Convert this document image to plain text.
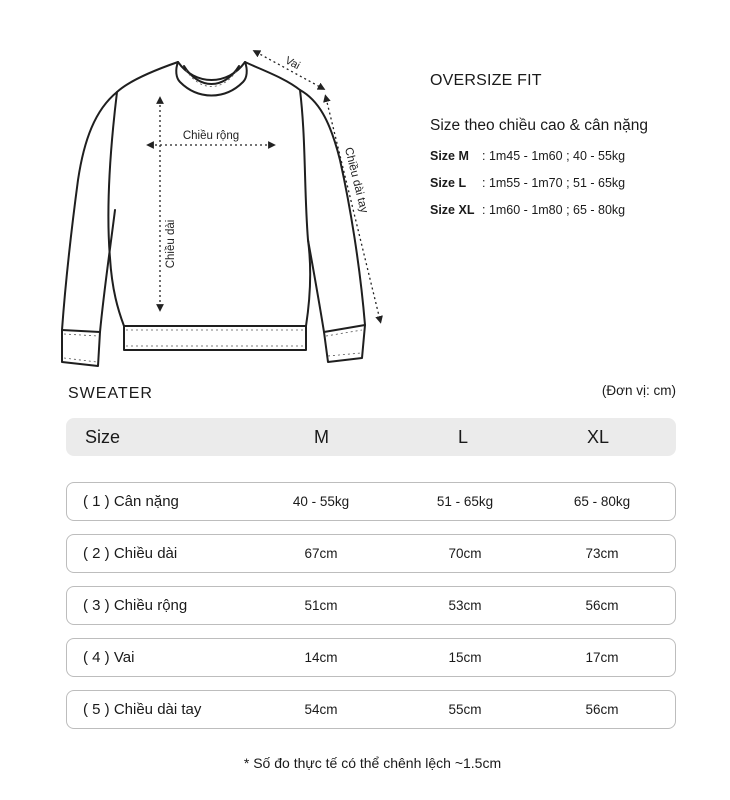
Vai
Chiều rộng
Chiều dài
Chiều dài tay
OVERSIZE FIT
Size theo chiều cao & cân nặng
Size M : 1m45 - 1m60 ; 40 - 55kg
Size L : 1m55 - 1m70 ; 51 - 65kg
Size XL : 1m60 - 1m80 ; 65 - 80kg
SWEATER	(Đơn vị: cm)
Size	M	L	XL
( 1 ) Cân nặng	40 - 55kg	51 - 65kg	65 - 80kg
( 2 ) Chiều dài	67cm	70cm	73cm
( 3 ) Chiều rộng	51cm	53cm	56cm
( 4 ) Vai	14cm	15cm	17cm
( 5 ) Chiều dài tay	54cm	55cm	56cm
* Số đo thực tế có thể chênh lệch ~1.5cm
